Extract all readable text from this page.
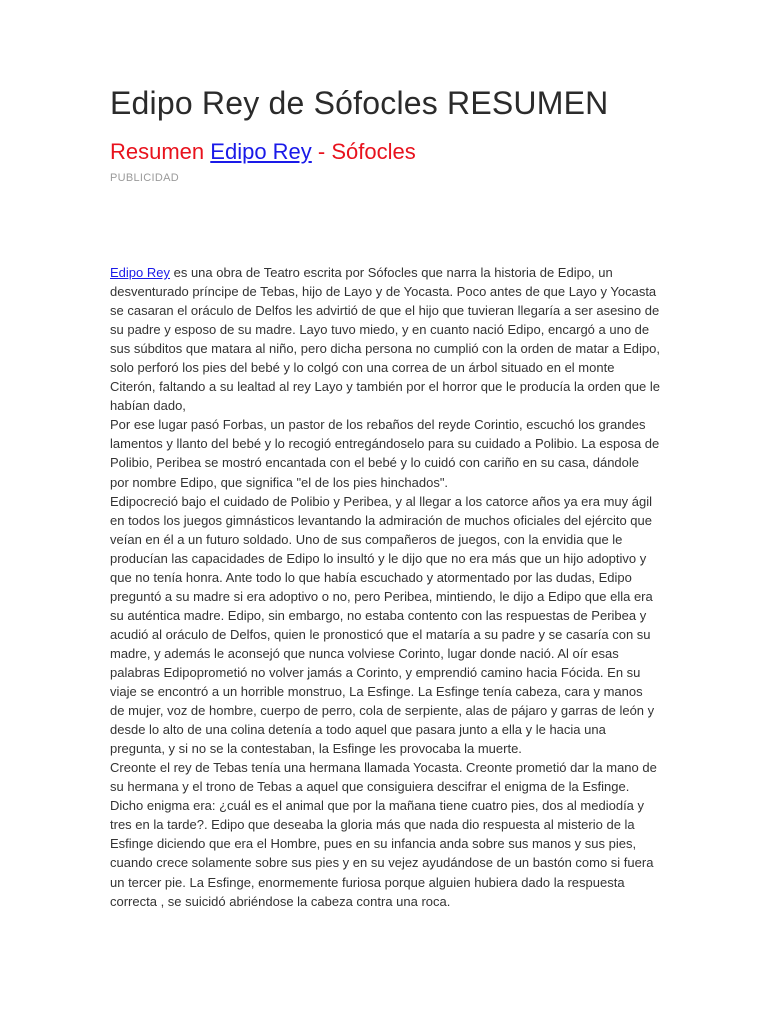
Edipo Rey de Sófocles RESUMEN
Resumen Edipo Rey - Sófocles
PUBLICIDAD

Edipo Rey es una obra de Teatro escrita por Sófocles que narra la historia de Edipo, un desventurado príncipe de Tebas, hijo de Layo y de Yocasta. Poco antes de que Layo y Yocasta se casaran el oráculo de Delfos les advirtió de que el hijo que tuvieran llegaría a ser asesino de su padre y esposo de su madre. Layo tuvo miedo, y en cuanto nació Edipo, encargó a uno de sus súbditos que matara al niño, pero dicha persona no cumplió con la orden de matar a Edipo, solo perforó los pies del bebé y lo colgó con una correa de un árbol situado en el monte Citerón, faltando a su lealtad al rey Layo y también por el horror que le producía la orden que le habían dado,

Por ese lugar pasó Forbas, un pastor de los rebaños del reyde Corintio, escuchó los grandes lamentos y llanto del bebé y lo recogió entregándoselo para su cuidado a Polibio. La esposa de Polibio, Peribea se mostró encantada con el bebé y lo cuidó con cariño en su casa, dándole por nombre Edipo, que significa "el de los pies hinchados".

Edipocreció bajo el cuidado de Polibio y Peribea, y al llegar a los catorce años ya era muy ágil en todos los juegos gimnásticos levantando la admiración de muchos oficiales del ejército que veían en él a un futuro soldado. Uno de sus compañeros de juegos, con la envidia que le producían las capacidades de Edipo lo insultó y le dijo que no era más que un hijo adoptivo y que no tenía honra. Ante todo lo que había escuchado y atormentado por las dudas, Edipo preguntó a su madre si era adoptivo o no, pero Peribea, mintiendo, le dijo a Edipo que ella era su auténtica madre. Edipo, sin embargo, no estaba contento con las respuestas de Peribea y acudió al oráculo de Delfos, quien le pronosticó que el mataría a su padre y se casaría con su madre, y además le aconsejó que nunca volviese Corinto, lugar donde nació. Al oír esas palabras Edipoprometió no volver jamás a Corinto, y emprendió camino hacia Fócida. En su viaje se encontró a un horrible monstruo, La Esfinge. La Esfinge tenía cabeza, cara y manos de mujer, voz de hombre, cuerpo de perro, cola de serpiente, alas de pájaro y garras de león y desde lo alto de una colina detenía a todo aquel que pasara junto a ella y le hacia una pregunta, y si no se la contestaban, la Esfinge les provocaba la muerte.

Creonte el rey de Tebas tenía una hermana llamada Yocasta. Creonte prometió dar la mano de su hermana y el trono de Tebas a aquel que consiguiera descifrar el enigma de la Esfinge. Dicho enigma era: ¿cuál es el animal que por la mañana tiene cuatro pies, dos al mediodía y tres en la tarde?. Edipo que deseaba la gloria más que nada dio respuesta al misterio de la Esfinge diciendo que era el Hombre, pues en su infancia anda sobre sus manos y sus pies, cuando crece solamente sobre sus pies y en su vejez ayudándose de un bastón como si fuera un tercer pie. La Esfinge, enormemente furiosa porque alguien hubiera dado la respuesta correcta , se suicidó abriéndose la cabeza contra una roca.
